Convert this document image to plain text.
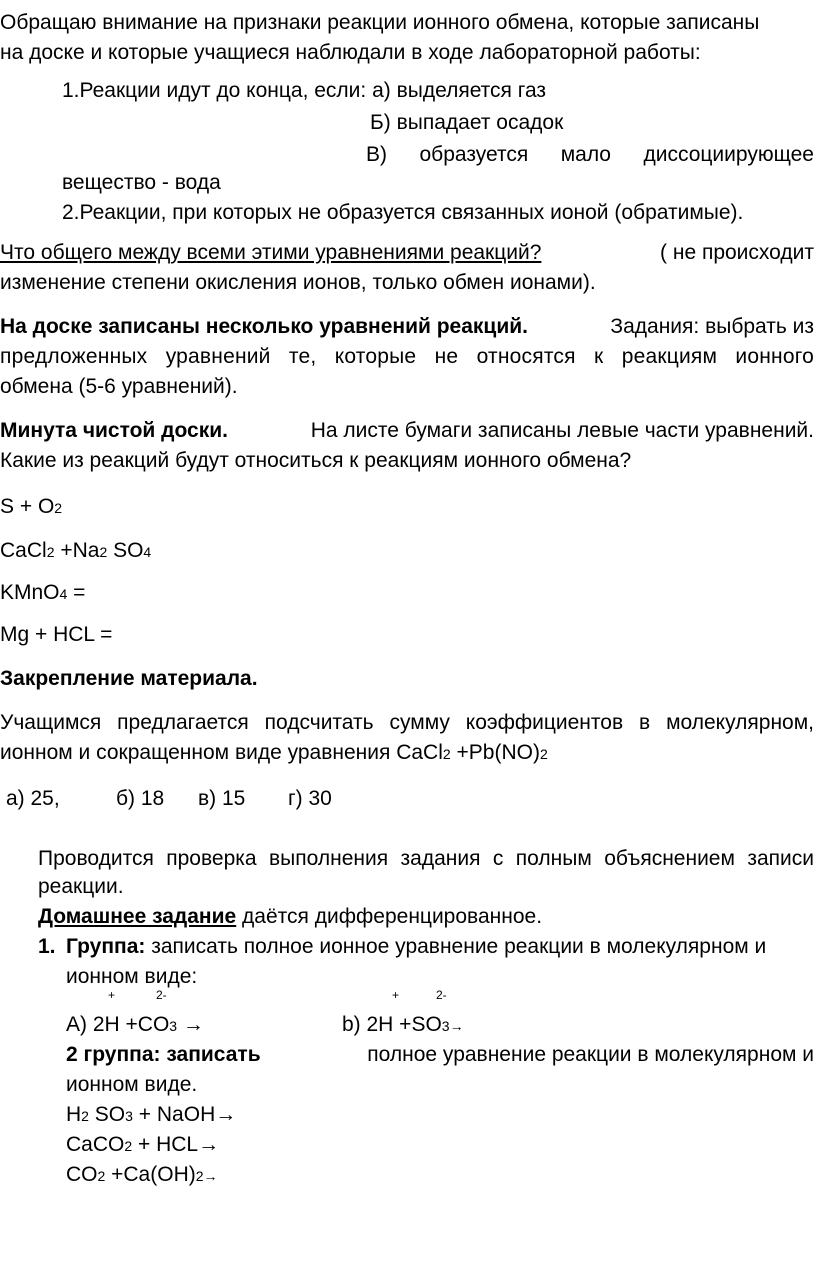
Обращаю внимание на признаки реакции ионного обмена, которые записаны
на доске и которые учащиеся наблюдали в ходе лабораторной работы:
1.Реакции идут до конца, если: а) выделяется газ
Б) выпадает осадок
В) образуется мало диссоциирующее
вещество - вода
2.Реакции, при которых не образуется связанных ионой (обратимые).
Что общего между всеми этими уравнениями реакций?	( не происходит
изменение степени окисления ионов, только обмен ионами).
На доске записаны несколько уравнений реакций.	Задания: выбрать из
предложенных уравнений те, которые не относятся к реакциям ионного
обмена (5-6 уравнений).
Минута чистой доски.	На листе бумаги записаны левые части уравнений.
Какие из реакций будут относиться к реакциям ионного обмена?
S + O2
CaCl2 +Na2 SO4
KMnO4 =
Mg + HCL =
Закрепление материала.
Учащимся предлагается подсчитать сумму коэффициентов в молекулярном,
ионном и сокращенном виде уравнения CaCl2 +Pb(NO)2
а) 25,	б) 18 в) 15 г) 30
Проводится проверка выполнения задания с полным объяснением записи
реакции.
Домашнее задание даётся дифференцированное.
1. Группа: записать полное ионное уравнение реакции в молекулярном и
ионном виде:
+	2-	+	2-
А) 2Н +CO3 →	b) 2H +SO3→
2 группа: записать	полное уравнение реакции в молекулярном и
ионном виде.
H2 SO3 + NaOH→
CaCO2 + HCL→
CO2 +Ca(OH)2→
